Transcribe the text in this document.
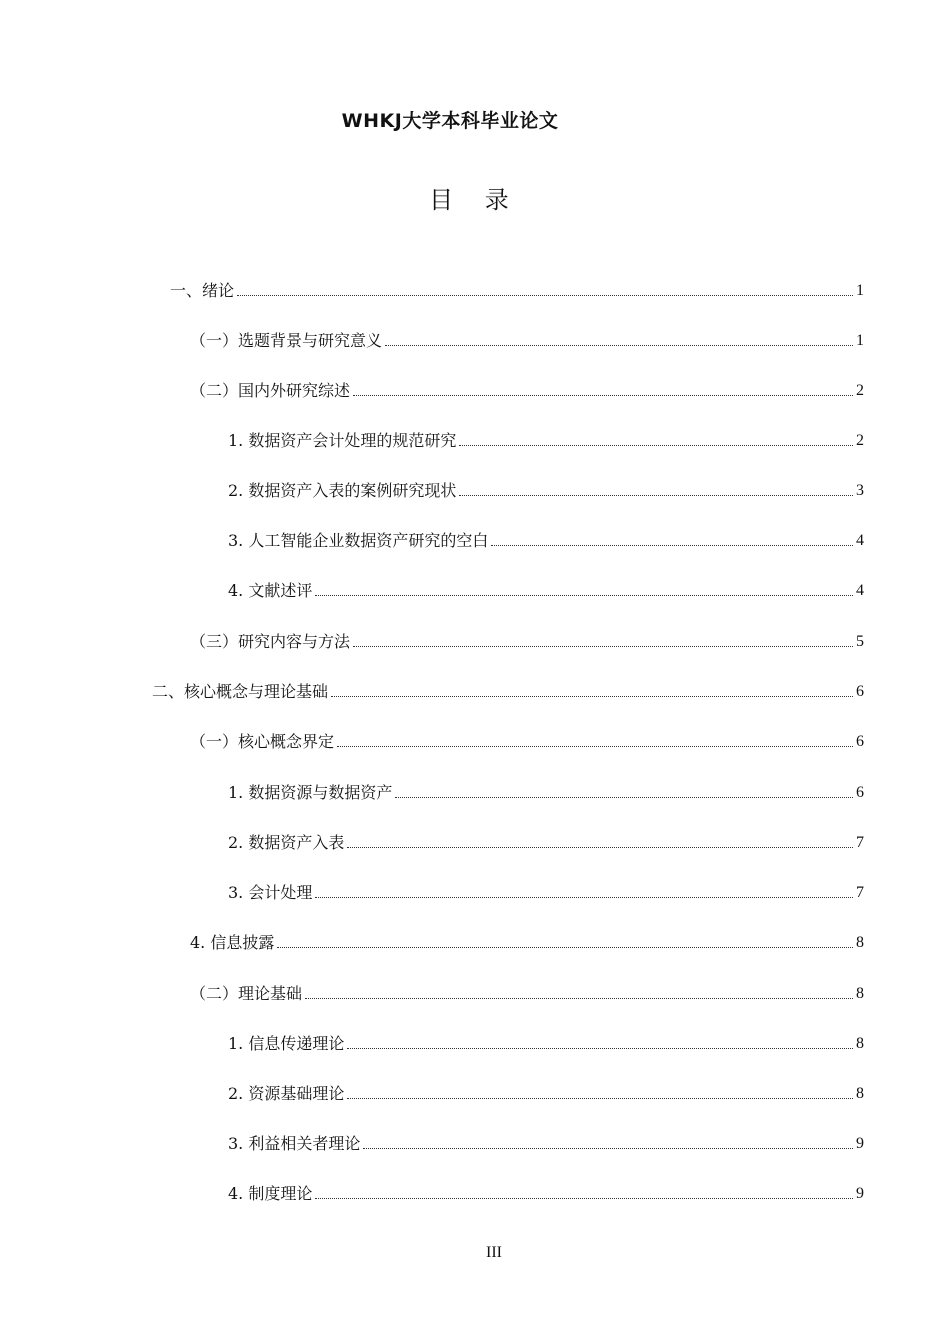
WHKJ大学本科毕业论文
目 录
一、绪论	1
（一）选题背景与研究意义	1
（二）国内外研究综述	2
1. 数据资产会计处理的规范研究	2
2. 数据资产入表的案例研究现状	3
3. 人工智能企业数据资产研究的空白	4
4. 文献述评	4
（三）研究内容与方法	5
二、核心概念与理论基础	6
（一）核心概念界定	6
1. 数据资源与数据资产	6
2. 数据资产入表	7
3. 会计处理	7
4. 信息披露	8
（二）理论基础	8
1. 信息传递理论	8
2. 资源基础理论	8
3. 利益相关者理论	9
4. 制度理论	9
III
